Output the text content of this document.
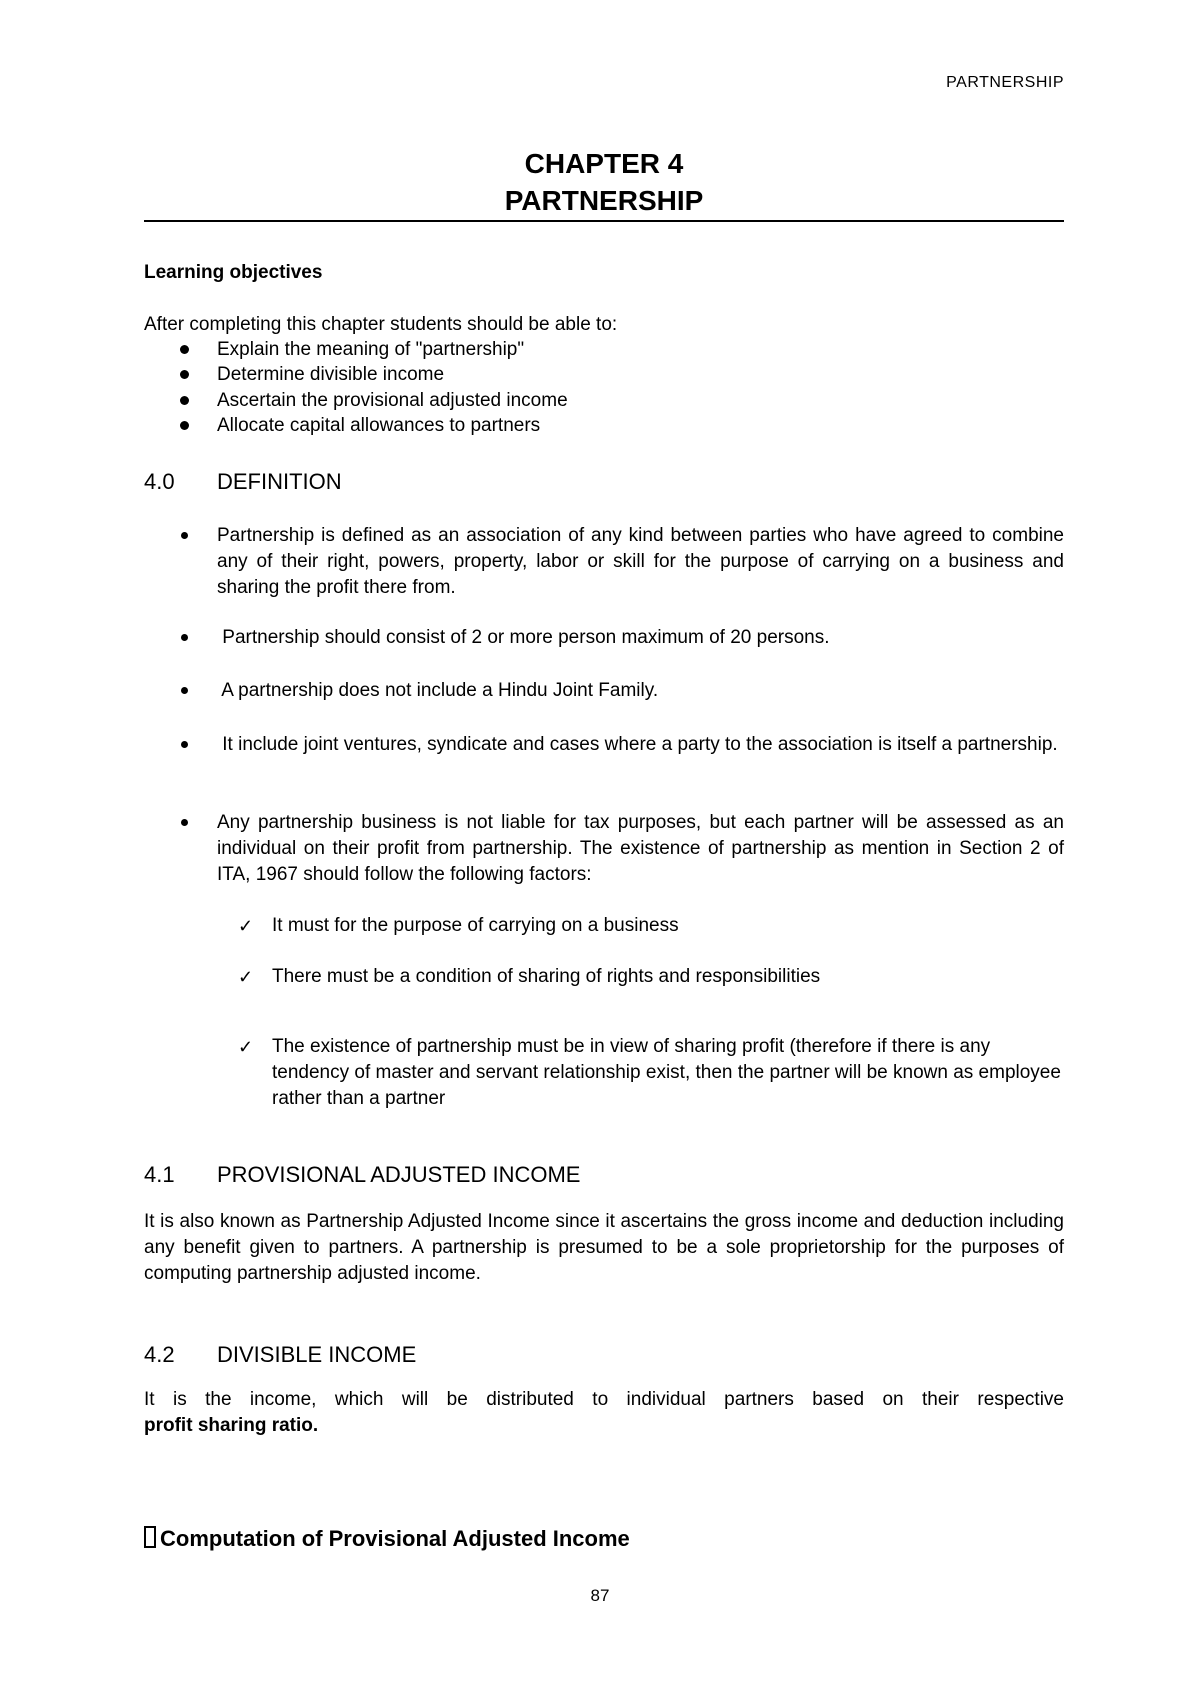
PARTNERSHIP
CHAPTER 4
PARTNERSHIP
Learning objectives
After completing this chapter students should be able to:
Explain the meaning of "partnership"
Determine divisible income
Ascertain the provisional adjusted income
Allocate capital allowances to partners
4.0 DEFINITION
Partnership is defined as an association of any kind between parties who have agreed to combine any of their right, powers, property, labor or skill for the purpose of carrying on a business and sharing the profit there from.
Partnership should consist of 2 or more person maximum of 20 persons.
A partnership does not include a Hindu Joint Family.
It include joint ventures, syndicate and cases where a party to the association is itself a partnership.
Any partnership business is not liable for tax purposes, but each partner will be assessed as an individual on their profit from partnership. The existence of partnership as mention in Section 2 of ITA, 1967 should follow the following factors:
✓ It must for the purpose of carrying on a business
✓ There must be a condition of sharing of rights and responsibilities
✓ The existence of partnership must be in view of sharing profit (therefore if there is any tendency of master and servant relationship exist, then the partner will be known as employee rather than a partner
4.1 PROVISIONAL ADJUSTED INCOME
It is also known as Partnership Adjusted Income since it ascertains the gross income and deduction including any benefit given to partners. A partnership is presumed to be a sole proprietorship for the purposes of computing partnership adjusted income.
4.2 DIVISIBLE INCOME
It is the income, which will be distributed to individual partners based on their respective
profit sharing ratio.
Computation of Provisional Adjusted Income
87
